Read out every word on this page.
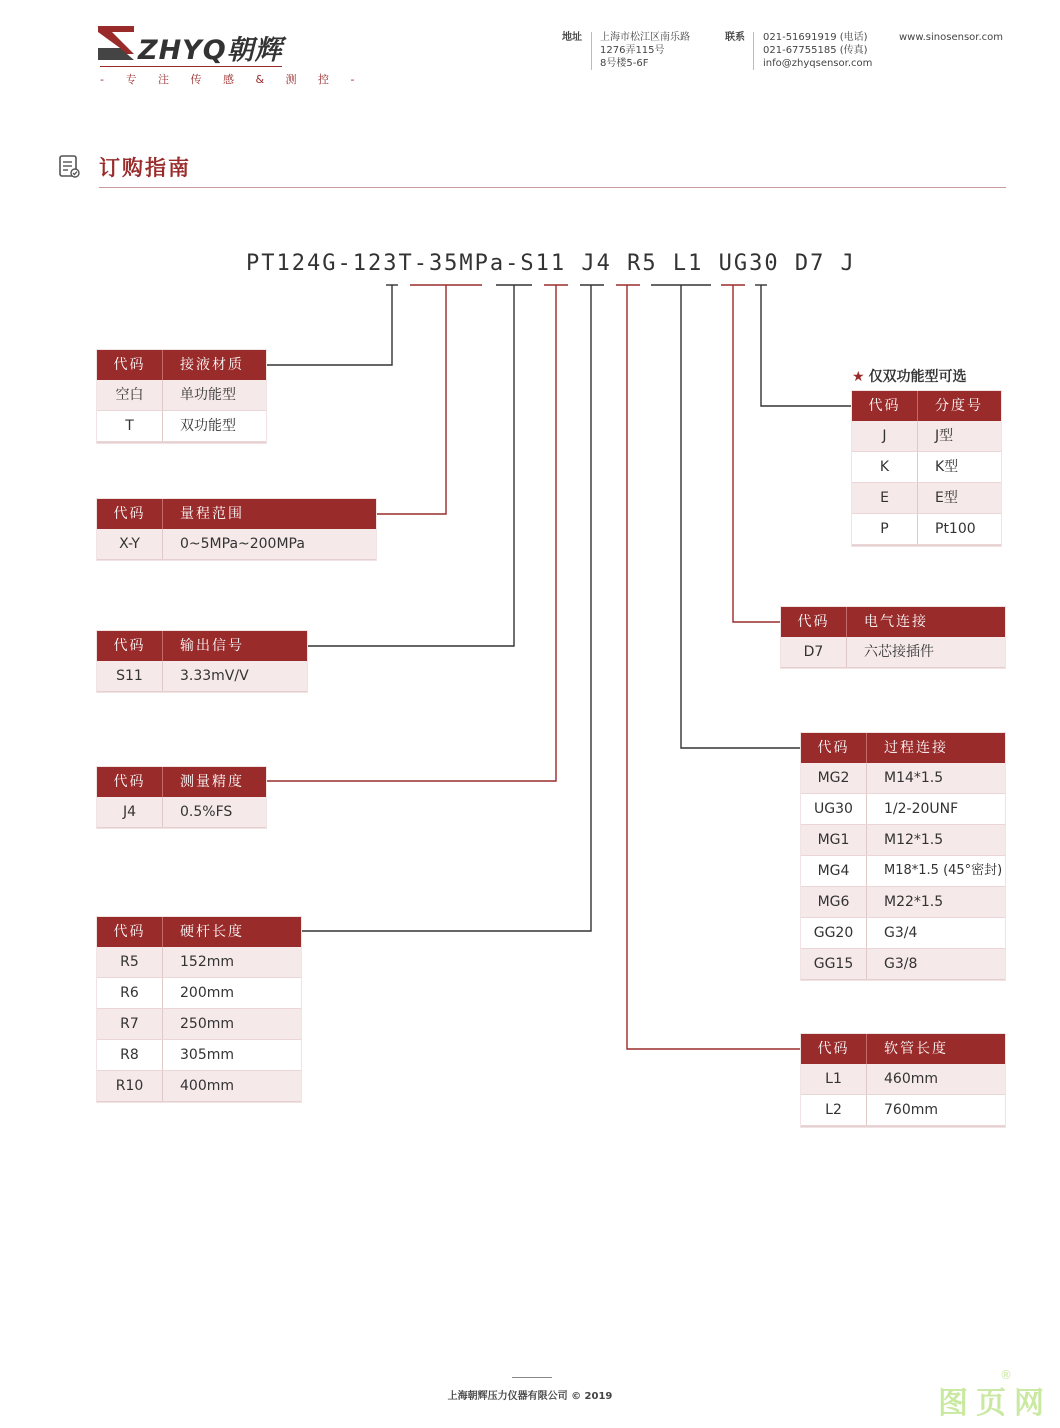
ZHYQ朝辉
- 专 注 传 感 & 测 控 -
地址 上海市松江区南乐路
1276弄115号
8号楼5-6F
联系 021-51691919 (电话)
021-67755185 (传真)
info@zhyqsensor.com
www.sinosensor.com
订购指南
PT124G-123T-35MPa-S11 J4 R5 L1 UG30 D7 J
代码	接液材质
空白	单功能型
T	双功能型
代码	量程范围
X-Y	0~5MPa~200MPa
代码	输出信号
S11	3.33mV/V
代码	测量精度
J4	0.5%FS
代码	硬杆长度
R5	152mm
R6	200mm
R7	250mm
R8	305mm
R10	400mm
★ 仅双功能型可选
代码	分度号
J	J型
K	K型
E	E型
P	Pt100
代码	电气连接
D7	六芯接插件
代码	过程连接
MG2	M14*1.5
UG30	1/2-20UNF
MG1	M12*1.5
MG4	M18*1.5 (45°密封)
MG6	M22*1.5
GG20	G3/4
GG15	G3/8
代码	软管长度
L1	460mm
L2	760mm
上海朝辉压力仪器有限公司 © 2019	图页网
®
